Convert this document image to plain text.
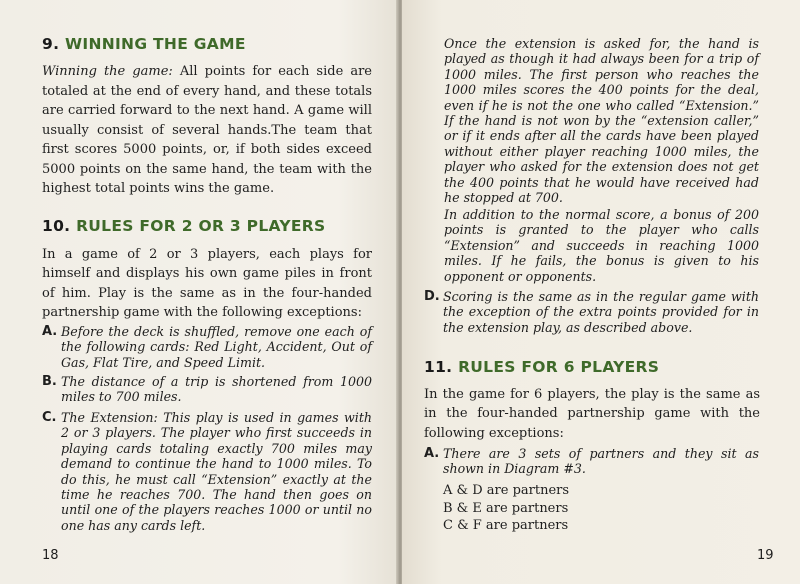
9. WINNING THE GAME

Winning the game: All points for each side are totaled at the end of every hand, and these totals are carried forward to the next hand. A game will usually consist of several hands.The team that first scores 5000 points, or, if both sides exceed 5000 points on the same hand, the team with the highest total points wins the game.

10. RULES FOR 2 OR 3 PLAYERS

In a game of 2 or 3 players, each plays for himself and displays his own game piles in front of him. Play is the same as in the four-handed partnership game with the following exceptions:

A. Before the deck is shuffled, remove one each of the following cards: Red Light, Accident, Out of Gas, Flat Tire, and Speed Limit.
B. The distance of a trip is shortened from 1000 miles to 700 miles.
C. The Extension: This play is used in games with 2 or 3 players. The player who first succeeds in playing cards totaling exactly 700 miles may demand to continue the hand to 1000 miles. To do this, he must call “Extension” exactly at the time he reaches 700. The hand then goes on until one of the players reaches 1000 or until no one has any cards left.
18

Once the extension is asked for, the hand is played as though it had always been for a trip of 1000 miles. The first person who reaches the 1000 miles scores the 400 points for the deal, even if he is not the one who called “Extension.” If the hand is not won by the “extension caller,” or if it ends after all the cards have been played without either player reaching 1000 miles, the player who asked for the extension does not get the 400 points that he would have received had he stopped at 700.

In addition to the normal score, a bonus of 200 points is granted to the player who calls “Extension” and succeeds in reaching 1000 miles. If he fails, the bonus is given to his opponent or opponents.

D. Scoring is the same as in the regular game with the exception of the extra points provided for in the extension play, as described above.
11. RULES FOR 6 PLAYERS

In the game for 6 players, the play is the same as in the four-handed partnership game with the following exceptions:

A. There are 3 sets of partners and they sit as shown in Diagram #3.
A & D are partners
B & E are partners
C & F are partners
19
